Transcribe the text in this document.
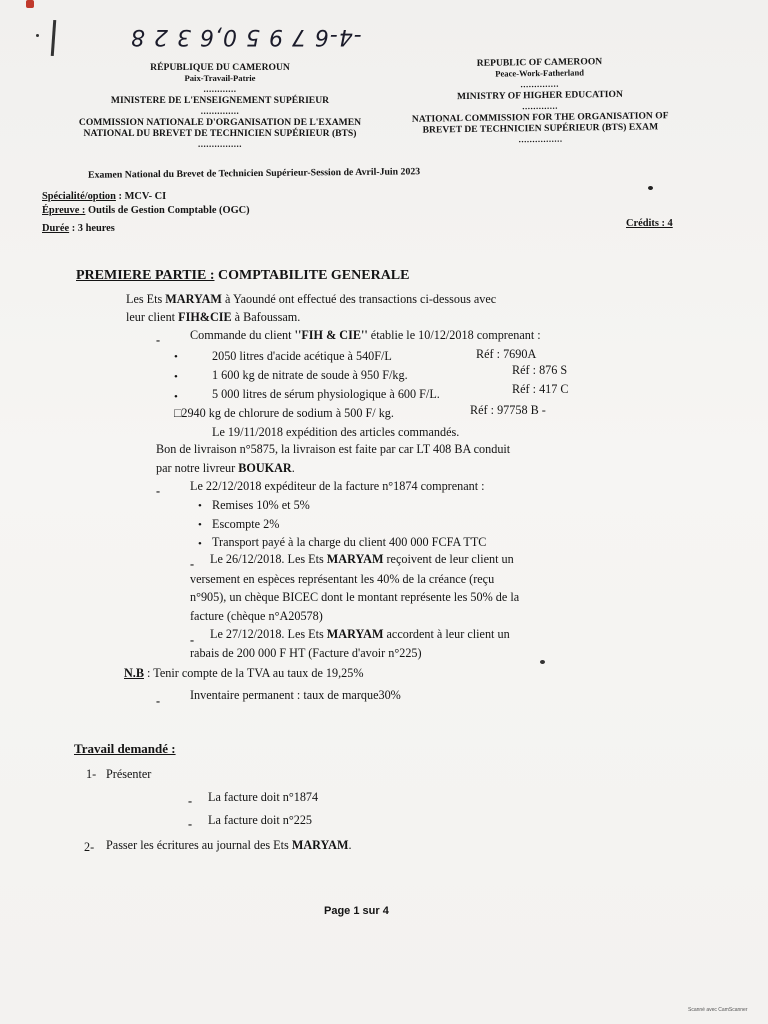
-4-6 7 9 5 0,6 3 2 8
RÉPUBLIQUE DU CAMEROUN
Paix-Travail-Patrie
............
MINISTERE DE L'ENSEIGNEMENT SUPÉRIEUR
..............
COMMISSION NATIONALE D'ORGANISATION DE L'EXAMEN
NATIONAL DU BREVET DE TECHNICIEN SUPÉRIEUR (BTS)
................
REPUBLIC OF CAMEROON
Peace-Work-Fatherland
..............
MINISTRY OF HIGHER EDUCATION
.............
NATIONAL COMMISSION FOR THE ORGANISATION OF
BREVET DE TECHNICIEN SUPÉRIEUR (BTS) EXAM
................
Examen National du Brevet de Technicien Supérieur-Session de Avril-Juin 2023
Spécialité/option : MCV- CI
Épreuve : Outils de Gestion Comptable (OGC)
Durée : 3 heures	Crédits : 4
PREMIERE PARTIE : COMPTABILITE GENERALE
Les Ets MARYAM à Yaoundé ont effectué des transactions ci-dessous avec
leur client FIH&CIE à Bafoussam.
- Commande du client ''FIH & CIE'' établie le 10/12/2018 comprenant :
•	2050 litres d'acide acétique à 540F/L	Réf : 7690A
•	1 600 kg de nitrate de soude à 950 F/kg.	Réf : 876 S
•	5 000 litres de sérum physiologique à 600 F/L.	Réf : 417 C
□2940 kg de chlorure de sodium à 500 F/ kg.	Réf : 97758 B -
Le 19/11/2018 expédition des articles commandés.
Bon de livraison n°5875, la livraison est faite par car LT 408 BA conduit
par notre livreur BOUKAR.
- Le 22/12/2018 expéditeur de la facture n°1874 comprenant :
• Remises 10% et 5%
• Escompte 2%
• Transport payé à la charge du client 400 000 FCFA TTC
- Le 26/12/2018. Les Ets MARYAM reçoivent de leur client un
versement en espèces représentant les 40% de la créance (reçu
n°905), un chèque BICEC dont le montant représente les 50% de la
facture (chèque n°A20578)
- Le 27/12/2018. Les Ets MARYAM accordent à leur client un
rabais de 200 000 F HT (Facture d'avoir n°225)
N.B : Tenir compte de la TVA au taux de 19,25%
- Inventaire permanent : taux de marque30%
Travail demandé :
1- Présenter
- La facture doit n°1874
- La facture doit n°225
2- Passer les écritures au journal des Ets MARYAM.
Page 1 sur 4
Scanné avec CamScanner
